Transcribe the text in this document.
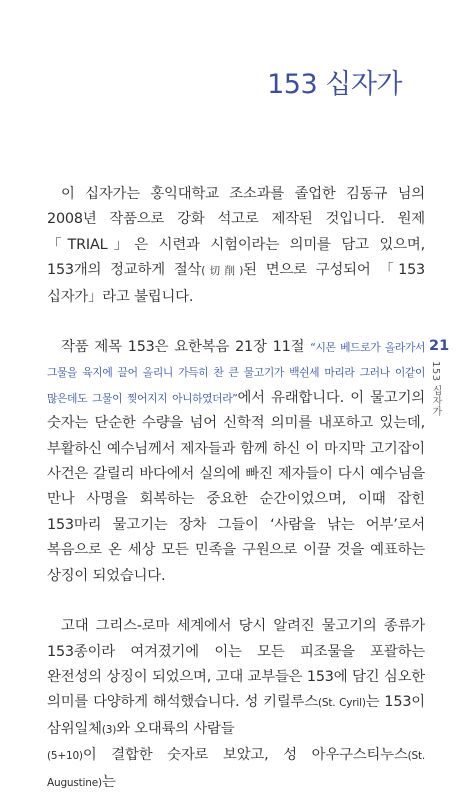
153 십자가

이 십자가는 홍익대학교 조소과를 졸업한 김동규 님의 2008년 작품으로 강화 석고로 제작된 것입니다. 원제 「TRIAL」은 시련과 시험이라는 의미를 담고 있으며, 153개의 정교하게 절삭(切削)된 면으로 구성되어 「153 십자가」라고 불립니다.

작품 제목 153은 요한복음 21장 11절 “시몬 베드로가 올라가서 그물을 육지에 끌어 올리니 가득히 찬 큰 물고기가 백쉰세 마리라 그러나 이같이 많은데도 그물이 찢어지지 아니하였더라”에서 유래합니다. 이 물고기의 숫자는 단순한 수량을 넘어 신학적 의미를 내포하고 있는데, 부활하신 예수님께서 제자들과 함께 하신 이 마지막 고기잡이 사건은 갈릴리 바다에서 실의에 빠진 제자들이 다시 예수님을 만나 사명을 회복하는 중요한 순간이었으며, 이때 잡힌 153마리 물고기는 장차 그들이 ‘사람을 낚는 어부’로서 복음으로 온 세상 모든 민족을 구원으로 이끌 것을 예표하는 상징이 되었습니다.

고대 그리스-로마 세계에서 당시 알려진 물고기의 종류가 153종이라 여겨졌기에 이는 모든 피조물을 포괄하는 완전성의 상징이 되었으며, 고대 교부들은 153에 담긴 심오한 의미를 다양하게 해석했습니다. 성 키릴루스(St. Cyril)는 153이 삼위일체(3)와 오대륙의 사람들
(5+10)이 결합한 숫자로 보았고, 성 아우구스티누스(St. Augustine)는

21
153 십자가
